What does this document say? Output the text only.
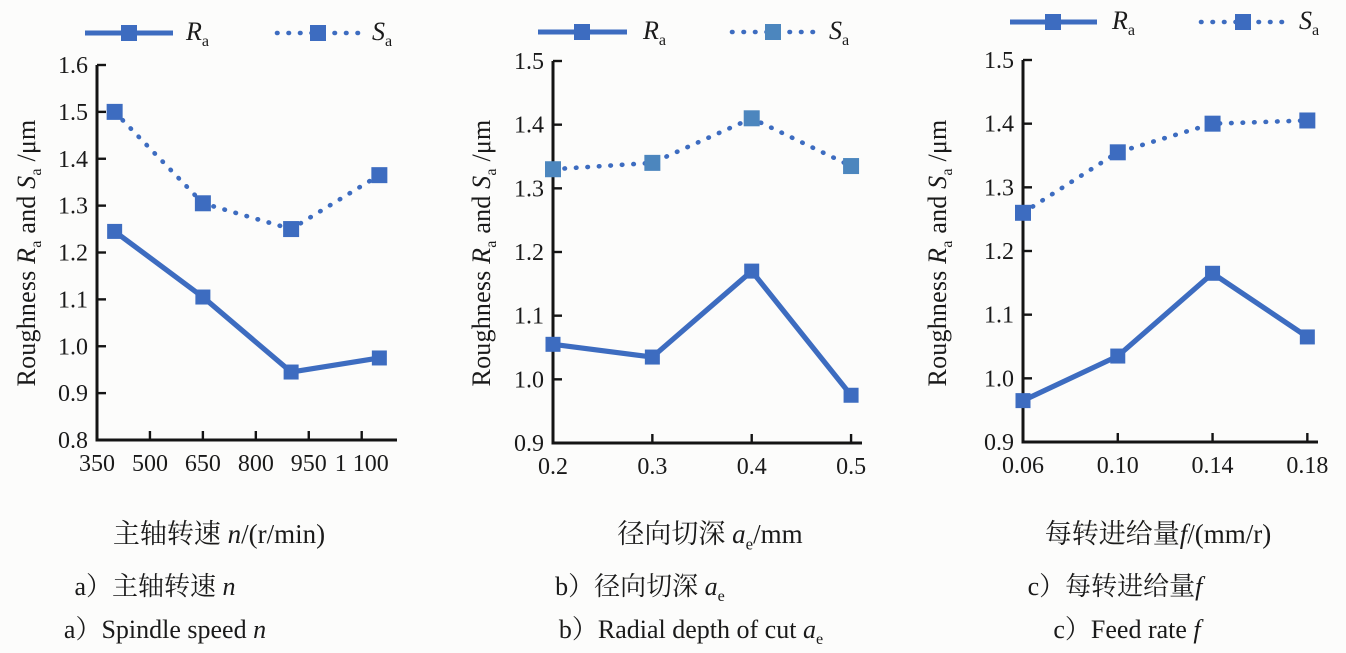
0.8
0.9
1.0
1.1
1.2
1.3
1.4
1.5
1.6
350 500 650 800 950 1 100
Roughness $R_a$ and $S_a$ /μm
$R_a$	$S_a$
主轴转速 n/(r/min)
a）主轴转速 n
a）Spindle speed n
0.9
1.0
1.1
1.2
1.3
1.4
1.5
0.2	0.3	0.4	0.5
Roughness $R_a$ and $S_a$ /μm
$R_a$	$S_a$
径向切深 $a_e/mm$
b）径向切深 $a_e$
b）Radial depth of cut $a_e$
0.9
1.0
1.1
1.2
1.3
1.4
1.5
0.06 0.10 0.14 0.18
Roughness $R_a$ and $S_a$ /μm
$R_a$	$S_a$
每转进给量f/(mm/r)
c）每转进给量f
c）Feed rate f
